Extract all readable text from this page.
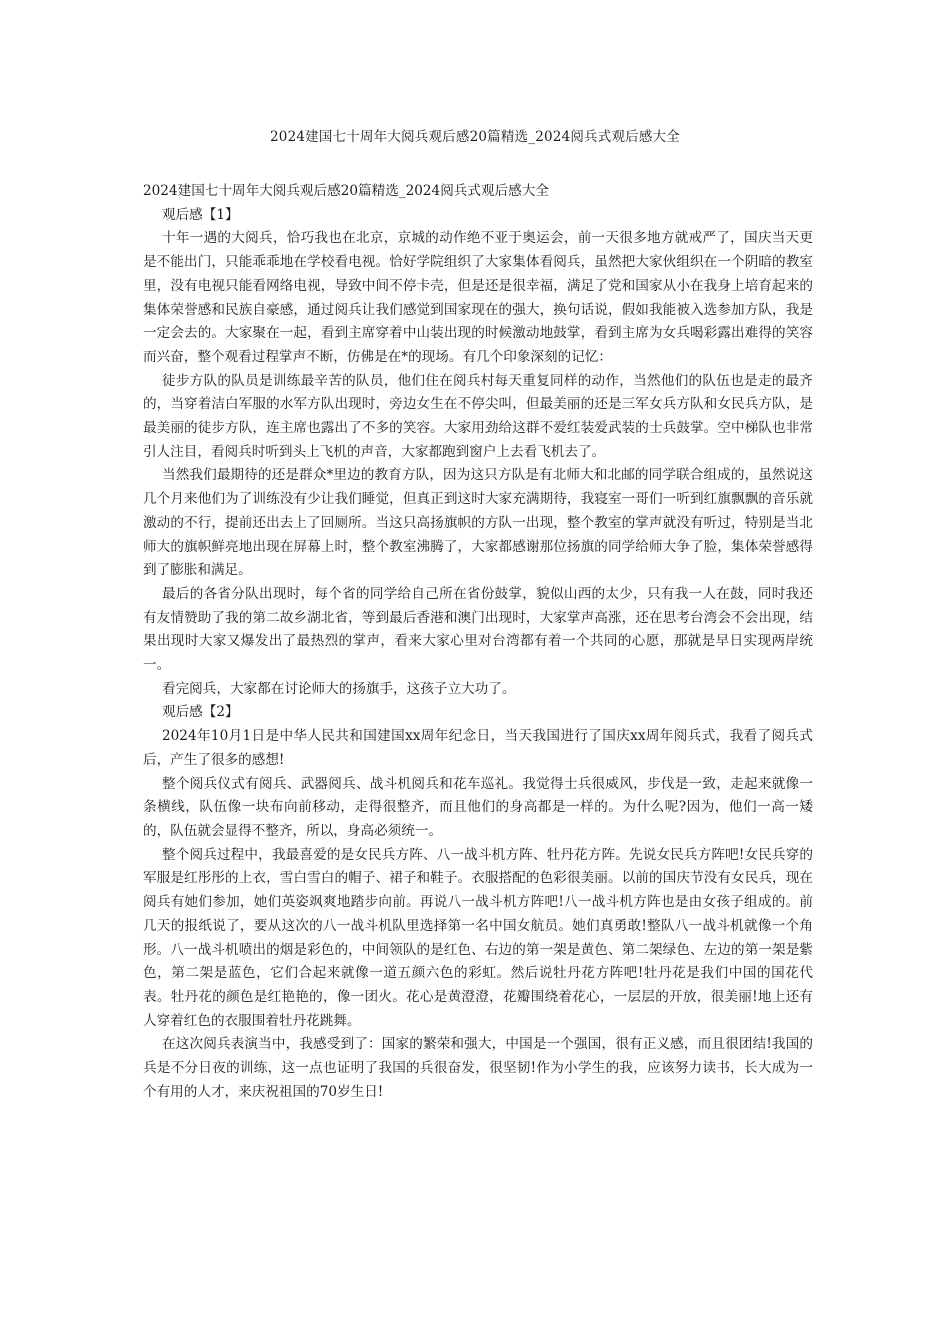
2024建国七十周年大阅兵观后感20篇精选_2024阅兵式观后感大全

2024建国七十周年大阅兵观后感20篇精选_2024阅兵式观后感大全

观后感【1】

十年一遇的大阅兵，恰巧我也在北京，京城的动作绝不亚于奥运会，前一天很多地方就戒严了，国庆当天更是不能出门，只能乖乖地在学校看电视。恰好学院组织了大家集体看阅兵，虽然把大家伙组织在一个阴暗的教室里，没有电视只能看网络电视，导致中间不停卡壳，但是还是很幸福，满足了党和国家从小在我身上培育起来的集体荣誉感和民族自豪感，通过阅兵让我们感觉到国家现在的强大，换句话说，假如我能被入选参加方队，我是一定会去的。大家聚在一起，看到主席穿着中山装出现的时候激动地鼓掌，看到主席为女兵喝彩露出难得的笑容而兴奋，整个观看过程掌声不断，仿佛是在*的现场。有几个印象深刻的记忆：

徒步方队的队员是训练最辛苦的队员，他们住在阅兵村每天重复同样的动作，当然他们的队伍也是走的最齐的，当穿着洁白军服的水军方队出现时，旁边女生在不停尖叫，但最美丽的还是三军女兵方队和女民兵方队，是最美丽的徒步方队，连主席也露出了不多的笑容。大家用劲给这群不爱红装爱武装的士兵鼓掌。空中梯队也非常引人注目，看阅兵时听到头上飞机的声音，大家都跑到窗户上去看飞机去了。

当然我们最期待的还是群众*里边的教育方队，因为这只方队是有北师大和北邮的同学联合组成的，虽然说这几个月来他们为了训练没有少让我们睡觉，但真正到这时大家充满期待，我寝室一哥们一听到红旗飘飘的音乐就激动的不行，提前还出去上了回厕所。当这只高扬旗帜的方队一出现，整个教室的掌声就没有听过，特别是当北师大的旗帜鲜亮地出现在屏幕上时，整个教室沸腾了，大家都感谢那位扬旗的同学给师大争了脸，集体荣誉感得到了膨胀和满足。

最后的各省分队出现时，每个省的同学给自己所在省份鼓掌，貌似山西的太少，只有我一人在鼓，同时我还有友情赞助了我的第二故乡湖北省，等到最后香港和澳门出现时，大家掌声高涨，还在思考台湾会不会出现，结果出现时大家又爆发出了最热烈的掌声，看来大家心里对台湾都有着一个共同的心愿，那就是早日实现两岸统一。

看完阅兵，大家都在讨论师大的扬旗手，这孩子立大功了。

观后感【2】

2024年10月1日是中华人民共和国建国xx周年纪念日，当天我国进行了国庆xx周年阅兵式，我看了阅兵式后，产生了很多的感想!

整个阅兵仪式有阅兵、武器阅兵、战斗机阅兵和花车巡礼。我觉得士兵很威风，步伐是一致，走起来就像一条横线，队伍像一块布向前移动，走得很整齐，而且他们的身高都是一样的。为什么呢?因为，他们一高一矮的，队伍就会显得不整齐，所以，身高必须统一。

整个阅兵过程中，我最喜爱的是女民兵方阵、八一战斗机方阵、牡丹花方阵。先说女民兵方阵吧!女民兵穿的军服是红彤彤的上衣，雪白雪白的帽子、裙子和鞋子。衣服搭配的色彩很美丽。以前的国庆节没有女民兵，现在阅兵有她们参加，她们英姿飒爽地踏步向前。再说八一战斗机方阵吧!八一战斗机方阵也是由女孩子组成的。前几天的报纸说了，要从这次的八一战斗机队里选择第一名中国女航员。她们真勇敢!整队八一战斗机就像一个角形。八一战斗机喷出的烟是彩色的，中间领队的是红色、右边的第一架是黄色、第二架绿色、左边的第一架是紫色，第二架是蓝色，它们合起来就像一道五颜六色的彩虹。然后说牡丹花方阵吧!牡丹花是我们中国的国花代表。牡丹花的颜色是红艳艳的，像一团火。花心是黄澄澄，花瓣围绕着花心，一层层的开放，很美丽!地上还有人穿着红色的衣服围着牡丹花跳舞。

在这次阅兵表演当中，我感受到了：国家的繁荣和强大，中国是一个强国，很有正义感，而且很团结!我国的兵是不分日夜的训练，这一点也证明了我国的兵很奋发，很坚韧!作为小学生的我，应该努力读书，长大成为一个有用的人才，来庆祝祖国的70岁生日!
